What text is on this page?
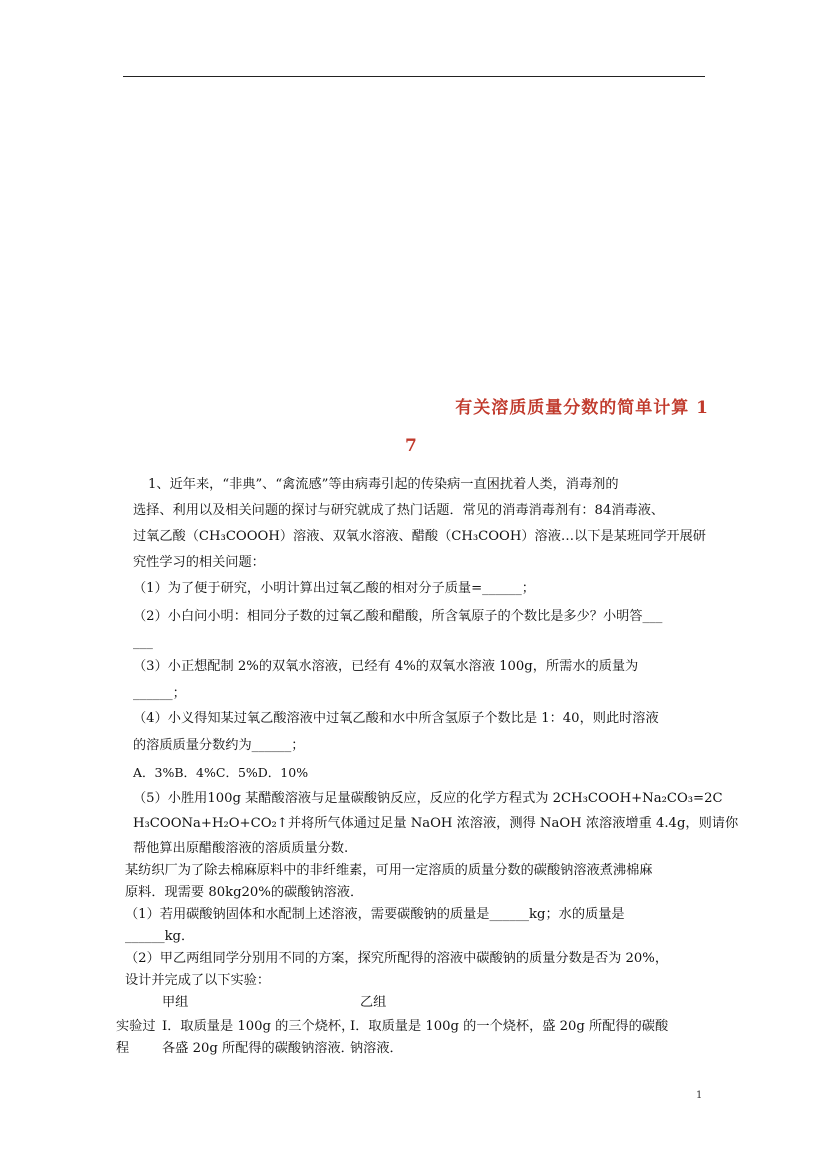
有关溶质质量分数的简单计算 1
7
1、近年来，“非典”、“禽流感”等由病毒引起的传染病一直困扰着人类，消毒剂的
选择、利用以及相关问题的探讨与研究就成了热门话题．常见的消毒消毒剂有：84消毒液、
过氧乙酸（CH₃COOOH）溶液、双氧水溶液、醋酸（CH₃COOH）溶液…以下是某班同学开展研
究性学习的相关问题：
（1）为了便于研究，小明计算出过氧乙酸的相对分子质量=______；
（2）小白问小明：相同分子数的过氧乙酸和醋酸，所含氧原子的个数比是多少？小明答___
___
（3）小正想配制 2%的双氧水溶液，已经有 4%的双氧水溶液 100g，所需水的质量为
______；
（4）小义得知某过氧乙酸溶液中过氧乙酸和水中所含氢原子个数比是 1：40，则此时溶液
的溶质质量分数约为______；
A．3%B．4%C．5%D．10%
（5）小胜用100g 某醋酸溶液与足量碳酸钠反应，反应的化学方程式为 2CH₃COOH+Na₂CO₃=2C
H₃COONa+H₂O+CO₂↑并将所气体通过足量 NaOH 浓溶液，测得 NaOH 浓溶液增重 4.4g，则请你
帮他算出原醋酸溶液的溶质质量分数.
某纺织厂为了除去棉麻原料中的非纤维素，可用一定溶质的质量分数的碳酸钠溶液煮沸棉麻
原料．现需要 80kg20%的碳酸钠溶液．
（1）若用碳酸钠固体和水配制上述溶液，需要碳酸钠的质量是______kg；水的质量是
______kg．
（2）甲乙两组同学分别用不同的方案，探究所配得的溶液中碳酸钠的质量分数是否为 20%，
设计并完成了以下实验：
甲组	乙组
实验过
程
Ⅰ．取质量是 100g 的三个烧杯，
各盛 20g 所配得的碳酸钠溶液．
Ⅰ．取质量是 100g 的一个烧杯，盛 20g 所配得的碳酸
钠溶液．
1
